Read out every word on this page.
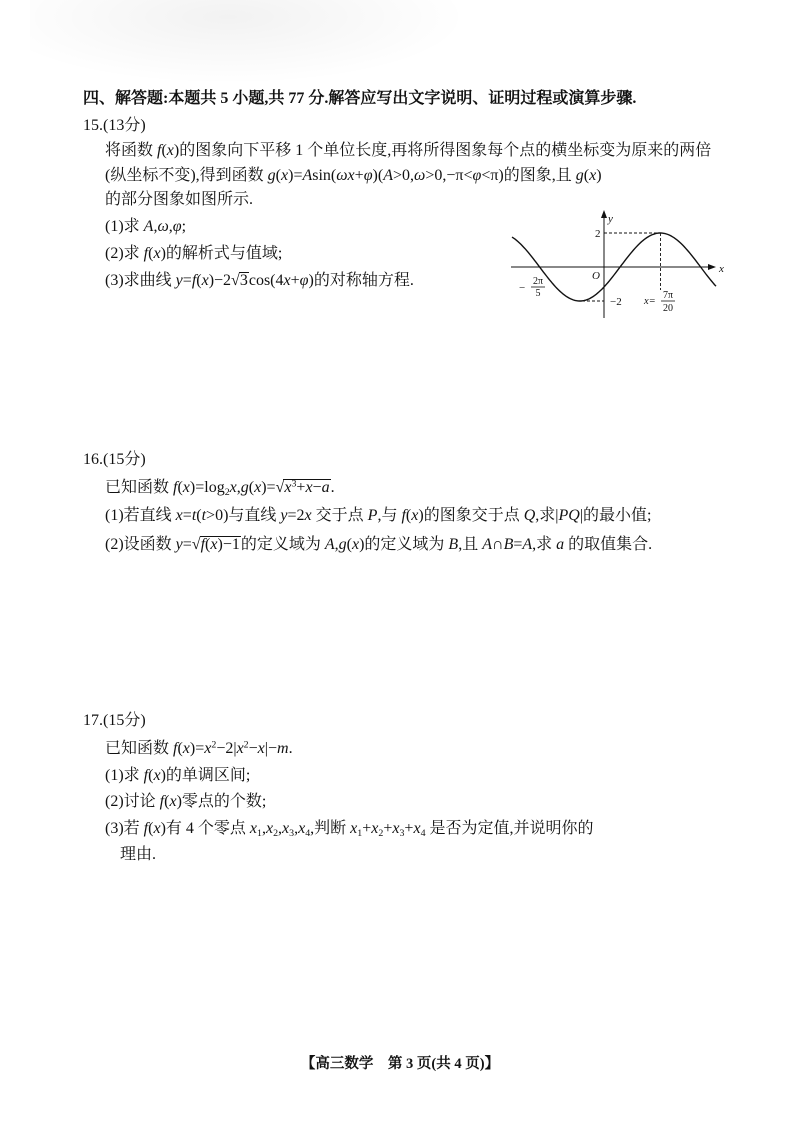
四、解答题:本题共 5 小题,共 77 分.解答应写出文字说明、证明过程或演算步骤.
15.(13分)
将函数 f(x)的图象向下平移 1 个单位长度,再将所得图象每个点的横坐标变为原来的两倍
(纵坐标不变),得到函数 g(x)=Asin(ωx+φ)(A>0,ω>0,−π<φ<π)的图象,且 g(x)
的部分图象如图所示.
(1)求 A,ω,φ;
(2)求 f(x)的解析式与值域;
(3)求曲线 y=f(x)−2√3cos(4x+φ)的对称轴方程.
y
x
O
2
−2
−
2π
5
x=
7π
20
16.(15分)
已知函数 $f(x)=\log_2x,g(x)=√x^3+x-a$.
(1)若直线 x=t(t>0)与直线 y=2x 交于点 P,与 f(x)的图象交于点 Q,求|PQ|的最小值;
(2)设函数 y=√f(x)−1的定义域为 A,g(x)的定义域为 B,且 A∩B=A,求 a 的取值集合.
17.(15分)
已知函数 $f(x)=x^2-2|x^2-x|-m$.
(1)求 f(x)的单调区间;
(2)讨论 f(x)零点的个数;
(3)若 f(x)有 4 个零点 $x_1,x_2,x_3,x_4$,判断 $x_1+x_2+x_3+x_4$ 是否为定值,并说明你的
理由.
【高三数学　第 3 页(共 4 页)】
